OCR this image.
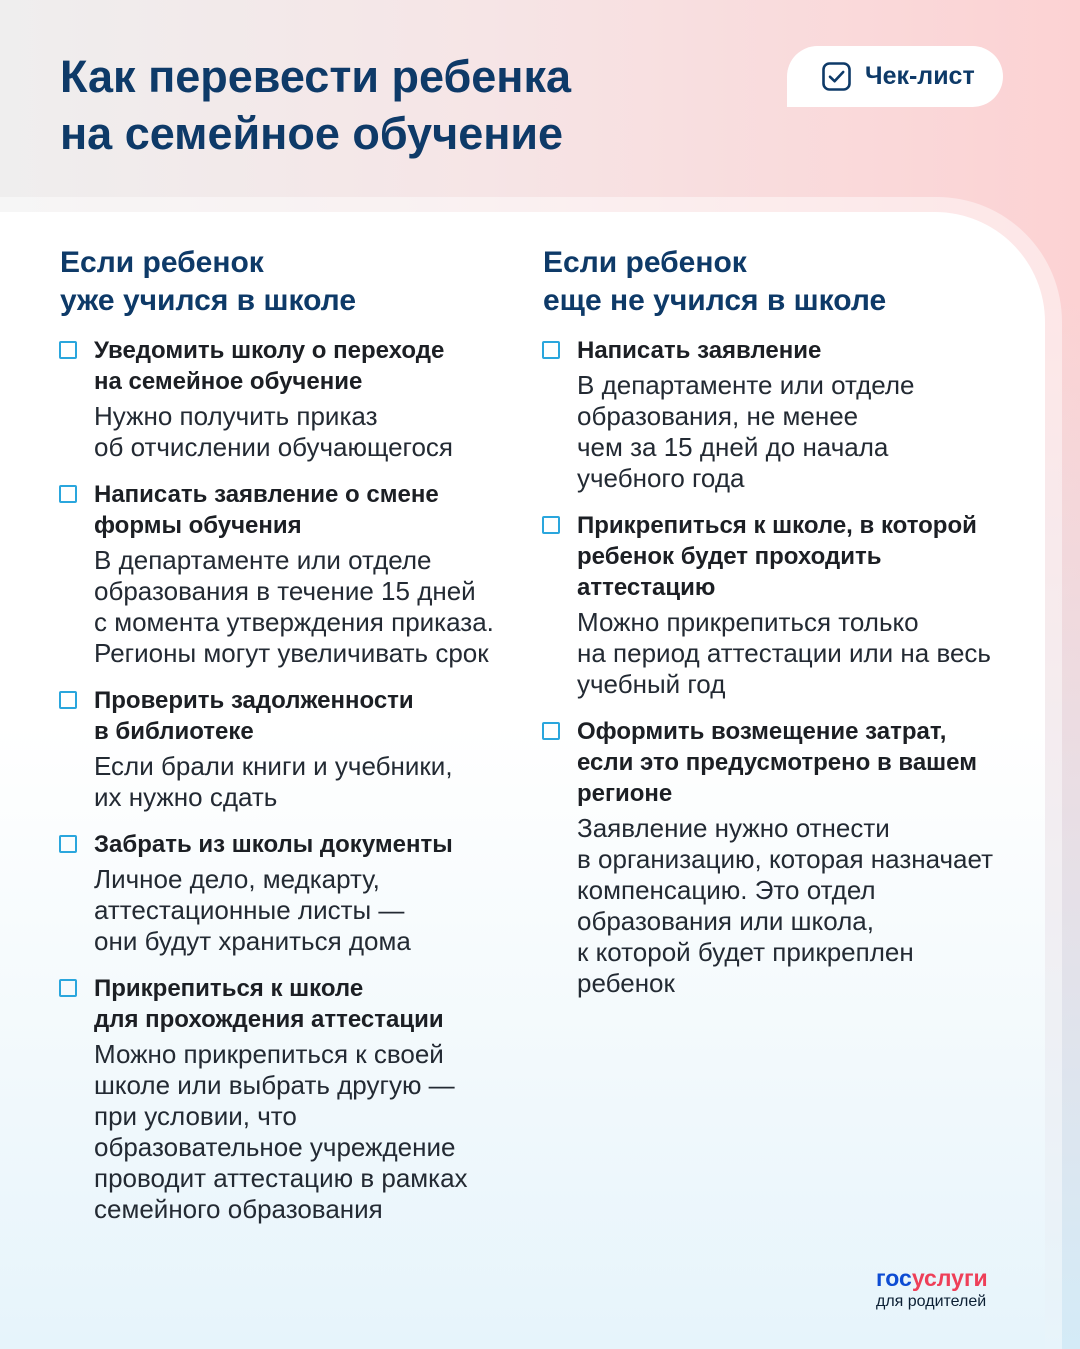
Как перевести ребенка
на семейное обучение
Чек-лист
Если ребенок
уже учился в школе
Уведомить школу о переходе
на семейное обучение
Нужно получить приказ
об отчислении обучающегося
Написать заявление о смене
формы обучения
В департаменте или отделе
образования в течение 15 дней
с момента утверждения приказа.
Регионы могут увеличивать срок
Проверить задолженности
в библиотеке
Если брали книги и учебники,
их нужно сдать
Забрать из школы документы
Личное дело, медкарту,
аттестационные листы —
они будут храниться дома
Прикрепиться к школе
для прохождения аттестации
Можно прикрепиться к своей
школе или выбрать другую —
при условии, что
образовательное учреждение
проводит аттестацию в рамках
семейного образования
Если ребенок
еще не учился в школе
Написать заявление
В департаменте или отделе
образования, не менее
чем за 15 дней до начала
учебного года
Прикрепиться к школе, в которой
ребенок будет проходить
аттестацию
Можно прикрепиться только
на период аттестации или на весь
учебный год
Оформить возмещение затрат,
если это предусмотрено в вашем
регионе
Заявление нужно отнести
в организацию, которая назначает
компенсацию. Это отдел
образования или школа,
к которой будет прикреплен
ребенок
госуслуги
для родителей
